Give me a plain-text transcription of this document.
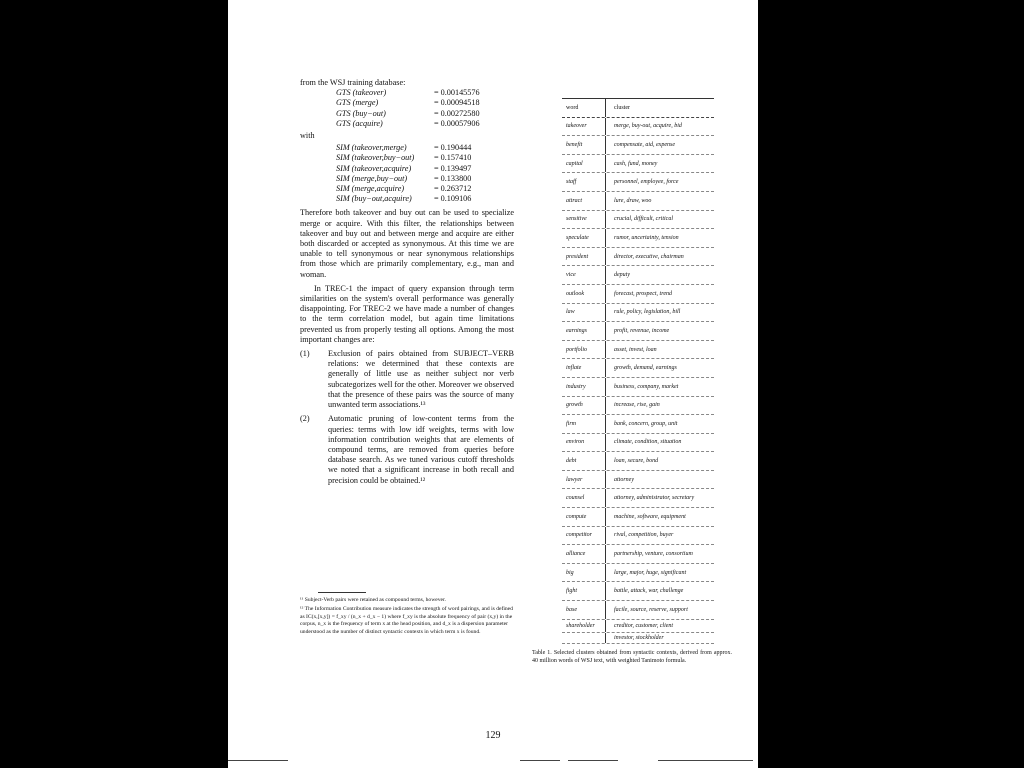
from the WSJ training database:

GTS (takeover)	= 0.00145576
GTS (merge)	= 0.00094518
GTS (buy−out)	= 0.00272580
GTS (acquire)	= 0.00057906

with

SIM (takeover,merge)	= 0.190444
SIM (takeover,buy−out)	= 0.157410
SIM (takeover,acquire)	= 0.139497
SIM (merge,buy−out)	= 0.133800
SIM (merge,acquire)	= 0.263712
SIM (buy−out,acquire)	= 0.109106

Therefore both takeover and buy out can be used to specialize merge or acquire. With this filter, the relationships between takeover and buy out and between merge and acquire are either both discarded or accepted as synonymous. At this time we are unable to tell synonymous or near synonymous relationships from those which are primarily complementary, e.g., man and woman.

In TREC-1 the impact of query expansion through term similarities on the system's overall performance was generally disappointing. For TREC-2 we have made a number of changes to the term correlation model, but again time limitations prevented us from properly testing all options. Among the most important changes are:

(1)	Exclusion of pairs obtained from SUBJECT–VERB relations: we determined that these contexts are generally of little use as neither subject nor verb subcategorizes well for the other. Moreover we observed that the presence of these pairs was the source of many unwanted term associations.¹³

(2)	Automatic pruning of low-content terms from the queries: terms with low idf weights, terms with low information contribution weights that are elements of compound terms, are removed from queries before database search. As we tuned various cutoff thresholds we noted that a significant increase in both recall and precision could be obtained.¹²

¹¹ Subject-Verb pairs were retained as compound terms, however.

¹² The Information Contribution measure indicates the strength of word pairings, and is defined as IC(x,[x,y]) = f_xy / (n_x + d_x − 1) where f_xy is the absolute frequency of pair (x,y) in the corpus, n_x is the frequency of term x at the head position, and d_x is a dispersion parameter understood as the number of distinct syntactic contexts in which term x is found.

word	cluster
takeover	merge, buy-out, acquire, bid
benefit	compensate, aid, expense
capital	cash, fund, money
staff	personnel, employee, force
attract	lure, draw, woo
sensitive	crucial, difficult, critical
speculate	rumor, uncertainty, tension
president	director, executive, chairman
vice	deputy
outlook	forecast, prospect, trend
law	rule, policy, legislation, bill
earnings	profit, revenue, income
portfolio	asset, invest, loan
inflate	growth, demand, earnings
industry	business, company, market
growth	increase, rise, gain
firm	bank, concern, group, unit
environ	climate, condition, situation
debt	loan, secure, bond
lawyer	attorney
counsel	attorney, administrator, secretary
compute	machine, software, equipment
competitor	rival, competition, buyer
alliance	partnership, venture, consortium
big	large, major, huge, significant
fight	battle, attack, war, challenge
base	facile, source, reserve, support
shareholder	creditor, customer, client
investor, stockholder

Table 1. Selected clusters obtained from syntactic contexts, derived from approx. 40 million words of WSJ text, with weighted Tanimoto formula.

129
